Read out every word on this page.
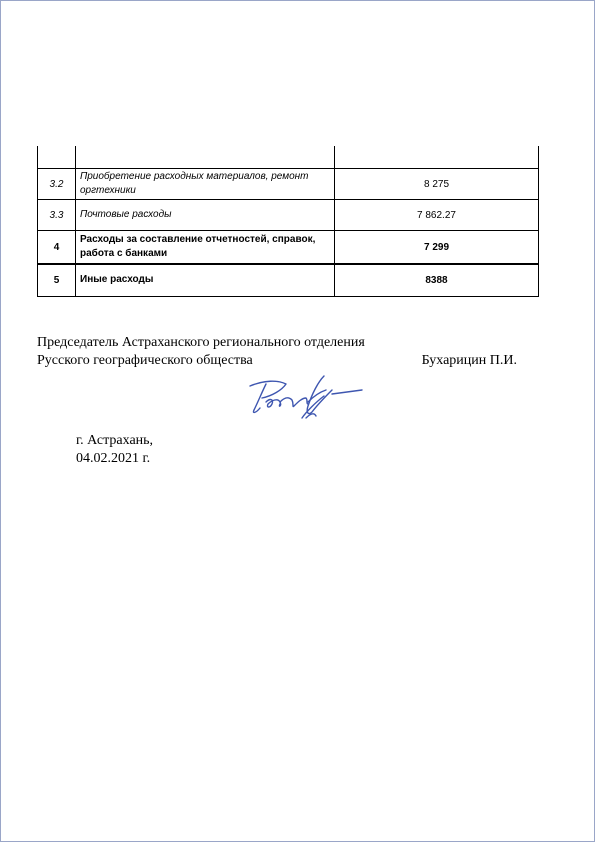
3.2	Приобретение расходных материалов, ремонт оргтехники	8 275
3.3	Почтовые расходы	7 862.27
4	Расходы за составление отчетностей, справок, работа с банками	7 299
5	Иные расходы	8388
Председатель Астраханского регионального отделения
Русского географического общества	Бухарицин П.И.
г. Астрахань,
04.02.2021 г.
